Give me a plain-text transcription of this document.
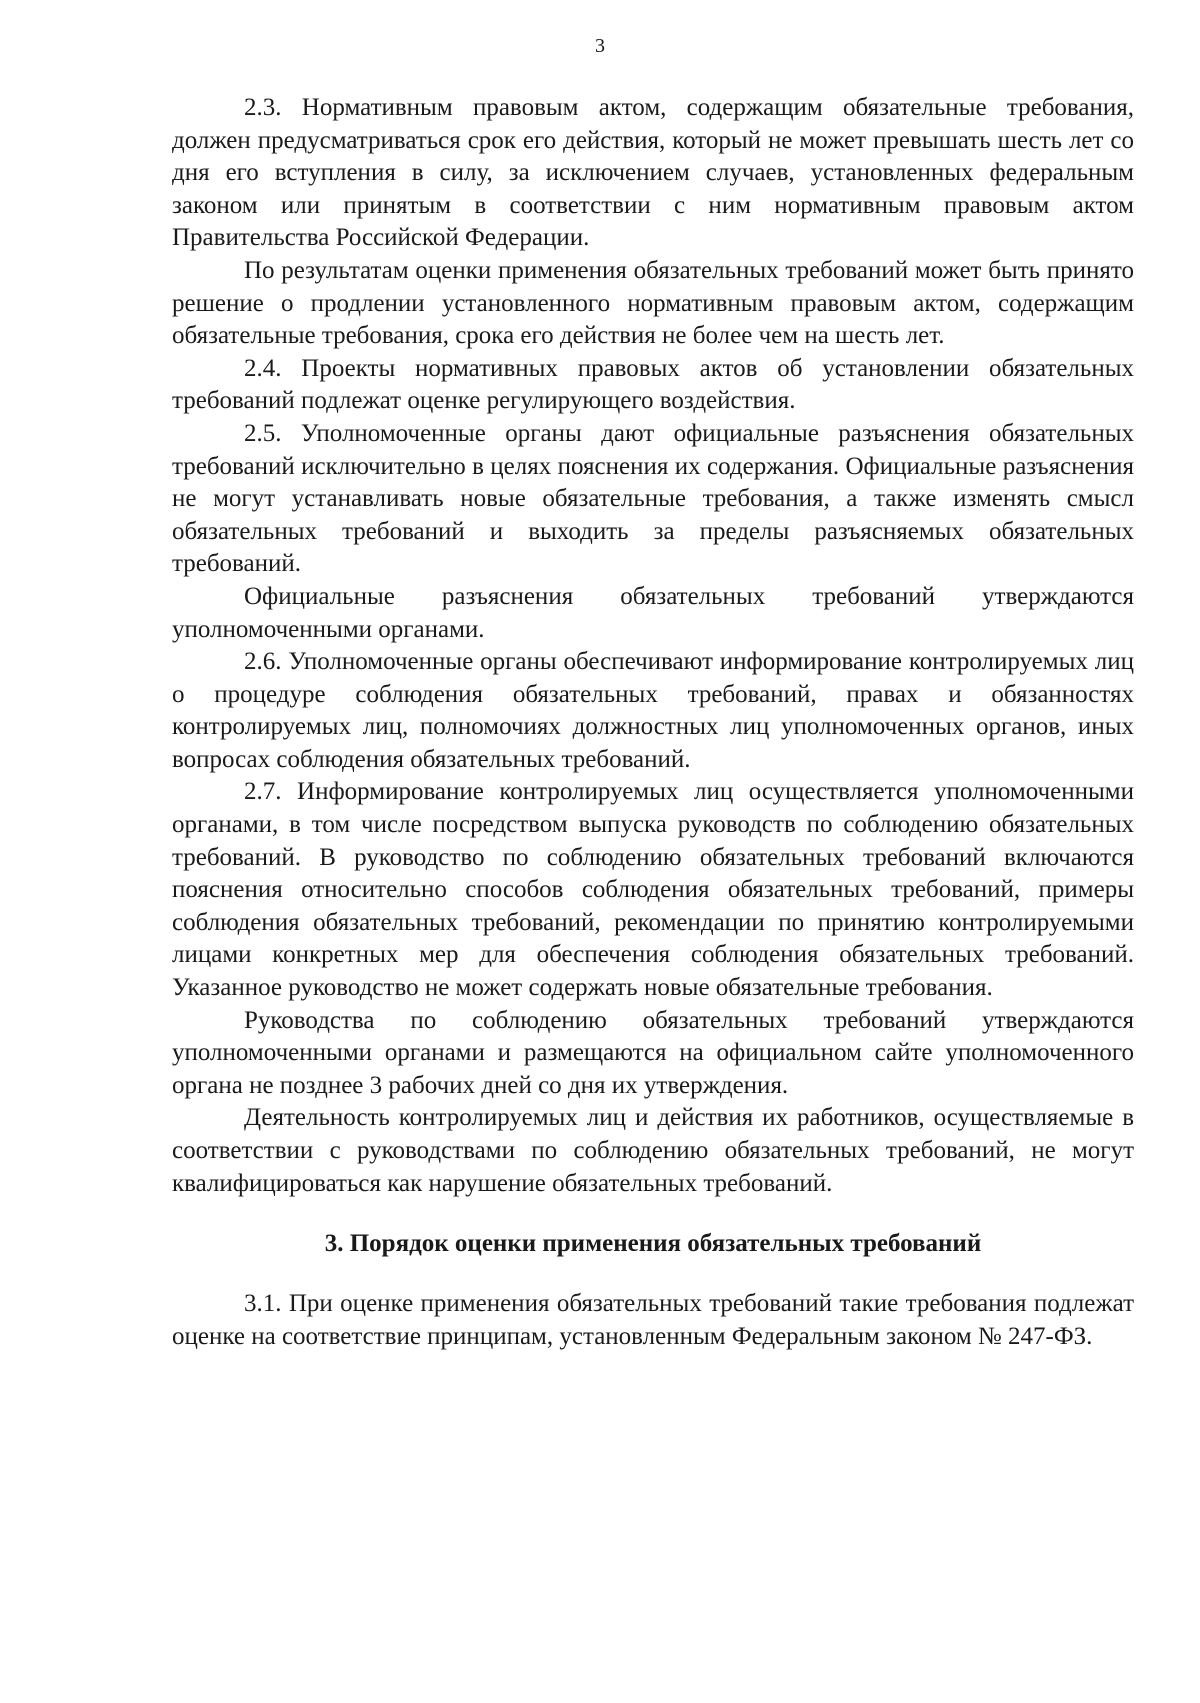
3

2.3. Нормативным правовым актом, содержащим обязательные требования, должен предусматриваться срок его действия, который не может превышать шесть лет со дня его вступления в силу, за исключением случаев, установленных федеральным законом или принятым в соответствии с ним нормативным правовым актом Правительства Российской Федерации.

По результатам оценки применения обязательных требований может быть принято решение о продлении установленного нормативным правовым актом, содержащим обязательные требования, срока его действия не более чем на шесть лет.

2.4. Проекты нормативных правовых актов об установлении обязательных требований подлежат оценке регулирующего воздействия.

2.5. Уполномоченные органы дают официальные разъяснения обязательных требований исключительно в целях пояснения их содержания. Официальные разъяснения не могут устанавливать новые обязательные требования, а также изменять смысл обязательных требований и выходить за пределы разъясняемых обязательных требований.

Официальные разъяснения обязательных требований утверждаются уполномоченными органами.

2.6. Уполномоченные органы обеспечивают информирование контролируемых лиц о процедуре соблюдения обязательных требований, правах и обязанностях контролируемых лиц, полномочиях должностных лиц уполномоченных органов, иных вопросах соблюдения обязательных требований.

2.7. Информирование контролируемых лиц осуществляется уполномоченными органами, в том числе посредством выпуска руководств по соблюдению обязательных требований. В руководство по соблюдению обязательных требований включаются пояснения относительно способов соблюдения обязательных требований, примеры соблюдения обязательных требований, рекомендации по принятию контролируемыми лицами конкретных мер для обеспечения соблюдения обязательных требований. Указанное руководство не может содержать новые обязательные требования.

Руководства по соблюдению обязательных требований утверждаются уполномоченными органами и размещаются на официальном сайте уполномоченного органа не позднее 3 рабочих дней со дня их утверждения.

Деятельность контролируемых лиц и действия их работников, осуществляемые в соответствии с руководствами по соблюдению обязательных требований, не могут квалифицироваться как нарушение обязательных требований.

3. Порядок оценки применения обязательных требований

3.1. При оценке применения обязательных требований такие требования подлежат оценке на соответствие принципам, установленным Федеральным законом № 247-ФЗ.
